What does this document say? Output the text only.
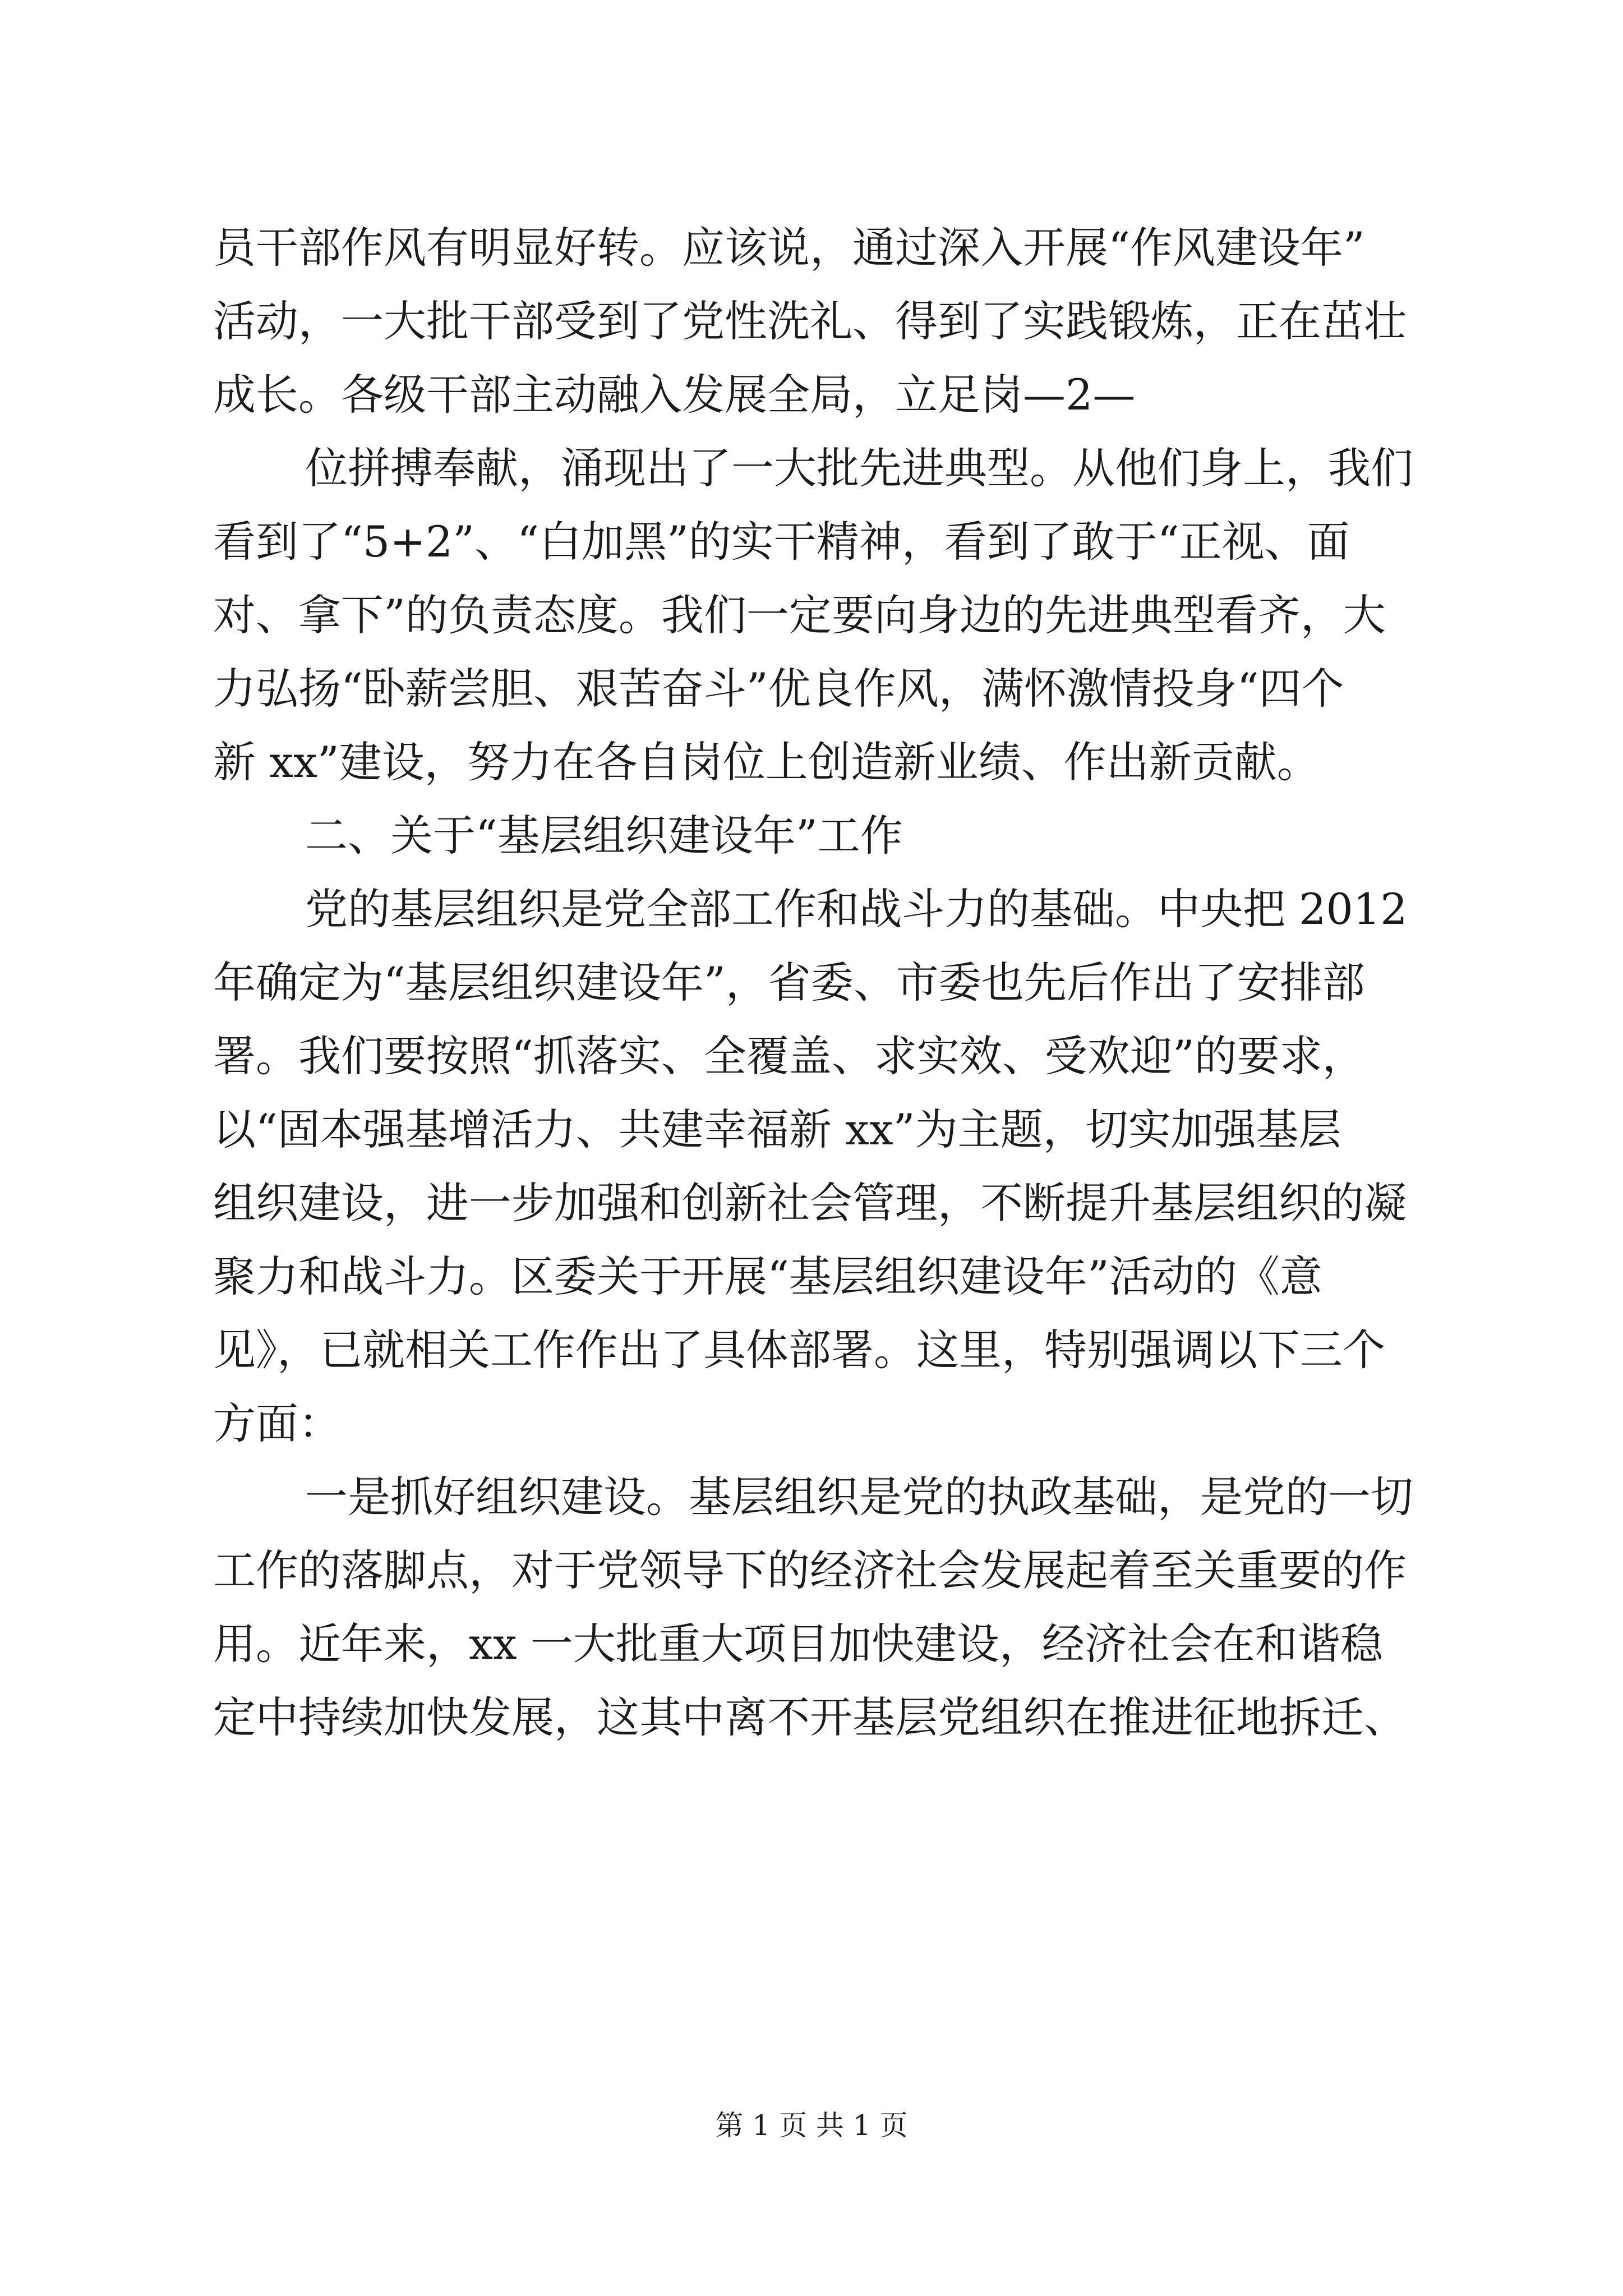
员干部作风有明显好转。应该说，通过深入开展“作风建设年”
活动，一大批干部受到了党性洗礼、得到了实践锻炼，正在茁壮
成长。各级干部主动融入发展全局，立足岗—2—
位拼搏奉献，涌现出了一大批先进典型。从他们身上，我们
看到了“5+2”、“白加黑”的实干精神，看到了敢于“正视、面
对、拿下”的负责态度。我们一定要向身边的先进典型看齐，大
力弘扬“卧薪尝胆、艰苦奋斗”优良作风，满怀激情投身“四个
新 xx”建设，努力在各自岗位上创造新业绩、作出新贡献。
二、关于“基层组织建设年”工作
党的基层组织是党全部工作和战斗力的基础。中央把 2012
年确定为“基层组织建设年”，省委、市委也先后作出了安排部
署。我们要按照“抓落实、全覆盖、求实效、受欢迎”的要求，
以“固本强基增活力、共建幸福新 xx”为主题，切实加强基层
组织建设，进一步加强和创新社会管理，不断提升基层组织的凝
聚力和战斗力。区委关于开展“基层组织建设年”活动的《意
见》，已就相关工作作出了具体部署。这里，特别强调以下三个
方面：
一是抓好组织建设。基层组织是党的执政基础，是党的一切
工作的落脚点，对于党领导下的经济社会发展起着至关重要的作
用。近年来，xx 一大批重大项目加快建设，经济社会在和谐稳
定中持续加快发展，这其中离不开基层党组织在推进征地拆迁、
第 1 页 共 1 页
